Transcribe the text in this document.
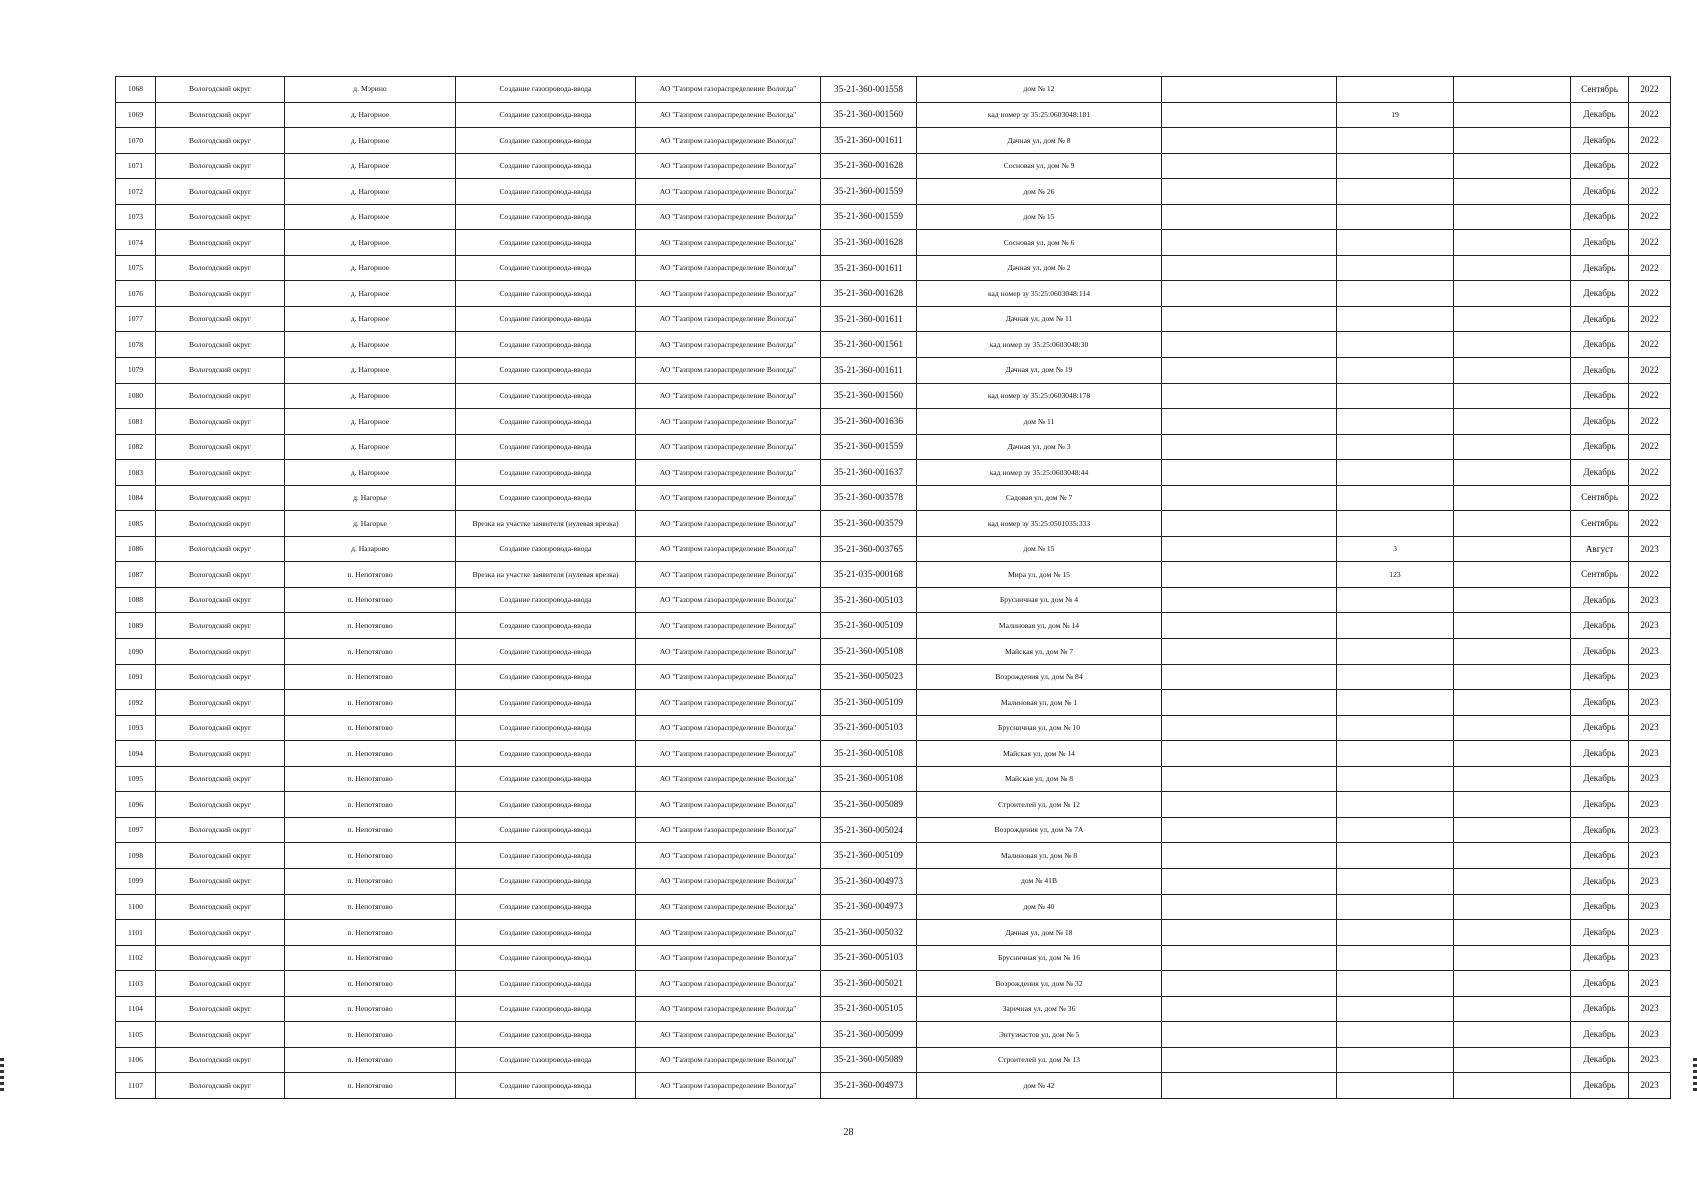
1068	Вологодский округ	д. Мэрино	Создание газопровода-ввода	АО "Газпром газораспределение Вологда"	35-21-360-001558	дом № 12				Сентябрь	2022
1069	Вологодский округ	д. Нагорное	Создание газопровода-ввода	АО "Газпром газораспределение Вологда"	35-21-360-001560	кад номер зу 35:25:0603048:181		19		Декабрь	2022
1070	Вологодский округ	д. Нагорное	Создание газопровода-ввода	АО "Газпром газораспределение Вологда"	35-21-360-001611	Дачная ул, дом № 8				Декабрь	2022
1071	Вологодский округ	д. Нагорное	Создание газопровода-ввода	АО "Газпром газораспределение Вологда"	35-21-360-001628	Сосновая ул, дом № 9				Декабрь	2022
1072	Вологодский округ	д. Нагорное	Создание газопровода-ввода	АО "Газпром газораспределение Вологда"	35-21-360-001559	дом № 26				Декабрь	2022
1073	Вологодский округ	д. Нагорное	Создание газопровода-ввода	АО "Газпром газораспределение Вологда"	35-21-360-001559	дом № 15				Декабрь	2022
1074	Вологодский округ	д. Нагорное	Создание газопровода-ввода	АО "Газпром газораспределение Вологда"	35-21-360-001628	Сосновая ул, дом № 6				Декабрь	2022
1075	Вологодский округ	д. Нагорное	Создание газопровода-ввода	АО "Газпром газораспределение Вологда"	35-21-360-001611	Дачная ул, дом № 2				Декабрь	2022
1076	Вологодский округ	д. Нагорное	Создание газопровода-ввода	АО "Газпром газораспределение Вологда"	35-21-360-001628	кад номер зу 35:25:0603048:114				Декабрь	2022
1077	Вологодский округ	д. Нагорное	Создание газопровода-ввода	АО "Газпром газораспределение Вологда"	35-21-360-001611	Дачная ул, дом № 11				Декабрь	2022
1078	Вологодский округ	д. Нагорное	Создание газопровода-ввода	АО "Газпром газораспределение Вологда"	35-21-360-001561	кад номер зу 35:25:0603048:30				Декабрь	2022
1079	Вологодский округ	д. Нагорное	Создание газопровода-ввода	АО "Газпром газораспределение Вологда"	35-21-360-001611	Дачная ул, дом № 19				Декабрь	2022
1080	Вологодский округ	д. Нагорное	Создание газопровода-ввода	АО "Газпром газораспределение Вологда"	35-21-360-001560	кад номер зу 35:25:0603048:178				Декабрь	2022
1081	Вологодский округ	д. Нагорное	Создание газопровода-ввода	АО "Газпром газораспределение Вологда"	35-21-360-001636	дом № 11				Декабрь	2022
1082	Вологодский округ	д. Нагорное	Создание газопровода-ввода	АО "Газпром газораспределение Вологда"	35-21-360-001559	Дачная ул, дом № 3				Декабрь	2022
1083	Вологодский округ	д. Нагорное	Создание газопровода-ввода	АО "Газпром газораспределение Вологда"	35-21-360-001637	кад номер зу 35:25:0603048:44				Декабрь	2022
1084	Вологодский округ	д. Нагорье	Создание газопровода-ввода	АО "Газпром газораспределение Вологда"	35-21-360-003578	Садовая ул, дом № 7				Сентябрь	2022
1085	Вологодский округ	д. Нагорье	Врезка на участке заявителя (нулевая врезка)	АО "Газпром газораспределение Вологда"	35-21-360-003579	кад номер зу 35:25:0501035:333				Сентябрь	2022
1086	Вологодский округ	д. Назарово	Создание газопровода-ввода	АО "Газпром газораспределение Вологда"	35-21-360-003765	дом № 15		3		Август	2023
1087	Вологодский округ	п. Непотягово	Врезка на участке заявителя (нулевая врезка)	АО "Газпром газораспределение Вологда"	35-21-035-000168	Мира ул, дом № 15		123		Сентябрь	2022
1088	Вологодский округ	п. Непотягово	Создание газопровода-ввода	АО "Газпром газораспределение Вологда"	35-21-360-005103	Брусничная ул, дом № 4				Декабрь	2023
1089	Вологодский округ	п. Непотягово	Создание газопровода-ввода	АО "Газпром газораспределение Вологда"	35-21-360-005109	Малиновая ул, дом № 14				Декабрь	2023
1090	Вологодский округ	п. Непотягово	Создание газопровода-ввода	АО "Газпром газораспределение Вологда"	35-21-360-005108	Майская ул, дом № 7				Декабрь	2023
1091	Вологодский округ	п. Непотягово	Создание газопровода-ввода	АО "Газпром газораспределение Вологда"	35-21-360-005023	Возрождения ул, дом № 84				Декабрь	2023
1092	Вологодский округ	п. Непотягово	Создание газопровода-ввода	АО "Газпром газораспределение Вологда"	35-21-360-005109	Малиновая ул, дом № 1				Декабрь	2023
1093	Вологодский округ	п. Непотягово	Создание газопровода-ввода	АО "Газпром газораспределение Вологда"	35-21-360-005103	Брусничная ул, дом № 10				Декабрь	2023
1094	Вологодский округ	п. Непотягово	Создание газопровода-ввода	АО "Газпром газораспределение Вологда"	35-21-360-005108	Майская ул, дом № 14				Декабрь	2023
1095	Вологодский округ	п. Непотягово	Создание газопровода-ввода	АО "Газпром газораспределение Вологда"	35-21-360-005108	Майская ул, дом № 8				Декабрь	2023
1096	Вологодский округ	п. Непотягово	Создание газопровода-ввода	АО "Газпром газораспределение Вологда"	35-21-360-005089	Строителей ул, дом № 12				Декабрь	2023
1097	Вологодский округ	п. Непотягово	Создание газопровода-ввода	АО "Газпром газораспределение Вологда"	35-21-360-005024	Возрождения ул, дом № 7А				Декабрь	2023
1098	Вологодский округ	п. Непотягово	Создание газопровода-ввода	АО "Газпром газораспределение Вологда"	35-21-360-005109	Малиновая ул, дом № 8				Декабрь	2023
1099	Вологодский округ	п. Непотягово	Создание газопровода-ввода	АО "Газпром газораспределение Вологда"	35-21-360-004973	дом № 41В				Декабрь	2023
1100	Вологодский округ	п. Непотягово	Создание газопровода-ввода	АО "Газпром газораспределение Вологда"	35-21-360-004973	дом № 40				Декабрь	2023
1101	Вологодский округ	п. Непотягово	Создание газопровода-ввода	АО "Газпром газораспределение Вологда"	35-21-360-005032	Дачная ул, дом № 18				Декабрь	2023
1102	Вологодский округ	п. Непотягово	Создание газопровода-ввода	АО "Газпром газораспределение Вологда"	35-21-360-005103	Брусничная ул, дом № 16				Декабрь	2023
1103	Вологодский округ	п. Непотягово	Создание газопровода-ввода	АО "Газпром газораспределение Вологда"	35-21-360-005021	Возрождения ул, дом № 32				Декабрь	2023
1104	Вологодский округ	п. Непотягово	Создание газопровода-ввода	АО "Газпром газораспределение Вологда"	35-21-360-005105	Заречная ул, дом № 36				Декабрь	2023
1105	Вологодский округ	п. Непотягово	Создание газопровода-ввода	АО "Газпром газораспределение Вологда"	35-21-360-005099	Энтузиастов ул, дом № 5				Декабрь	2023
1106	Вологодский округ	п. Непотягово	Создание газопровода-ввода	АО "Газпром газораспределение Вологда"	35-21-360-005089	Строителей ул, дом № 13				Декабрь	2023
1107	Вологодский округ	п. Непотягово	Создание газопровода-ввода	АО "Газпром газораспределение Вологда"	35-21-360-004973	дом № 42				Декабрь	2023
28
